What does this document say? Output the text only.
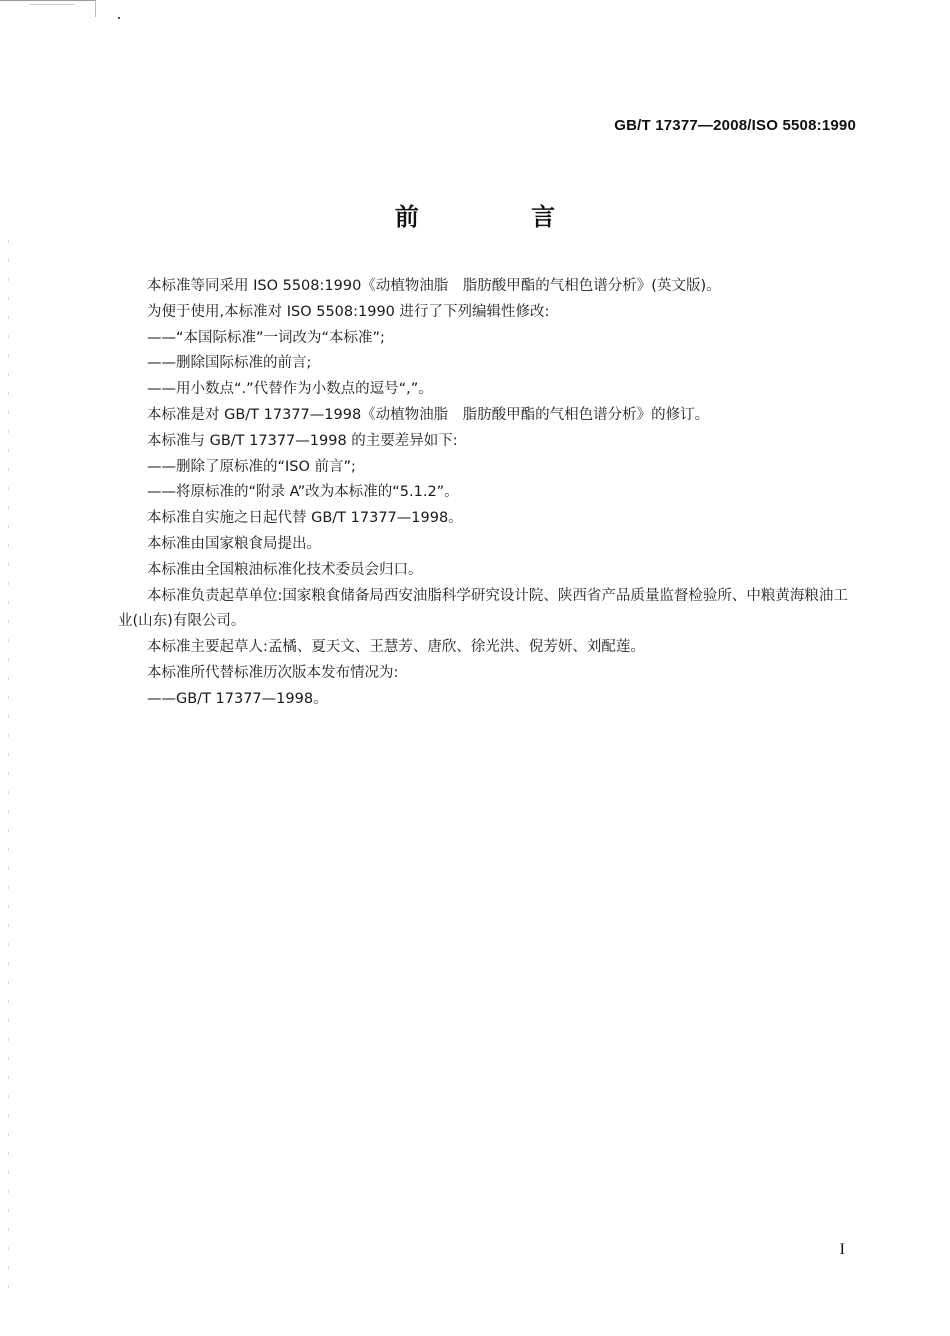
GB/T 17377—2008/ISO 5508:1990
前 言

本标准等同采用 ISO 5508:1990《动植物油脂　脂肪酸甲酯的气相色谱分析》(英文版)。

为便于使用,本标准对 ISO 5508:1990 进行了下列编辑性修改:

——“本国际标准”一词改为“本标准”;

——删除国际标准的前言;

——用小数点“.”代替作为小数点的逗号“,”。

本标准是对 GB/T 17377—1998《动植物油脂　脂肪酸甲酯的气相色谱分析》的修订。

本标准与 GB/T 17377—1998 的主要差异如下:

——删除了原标准的“ISO 前言”;

——将原标准的“附录 A”改为本标准的“5.1.2”。

本标准自实施之日起代替 GB/T 17377—1998。

本标准由国家粮食局提出。

本标准由全国粮油标准化技术委员会归口。

本标准负责起草单位:国家粮食储备局西安油脂科学研究设计院、陕西省产品质量监督检验所、中粮黄海粮油工业(山东)有限公司。

本标准主要起草人:孟橘、夏天文、王慧芳、唐欣、徐光洪、倪芳妍、刘配莲。

本标准所代替标准历次版本发布情况为:

——GB/T 17377—1998。

I
